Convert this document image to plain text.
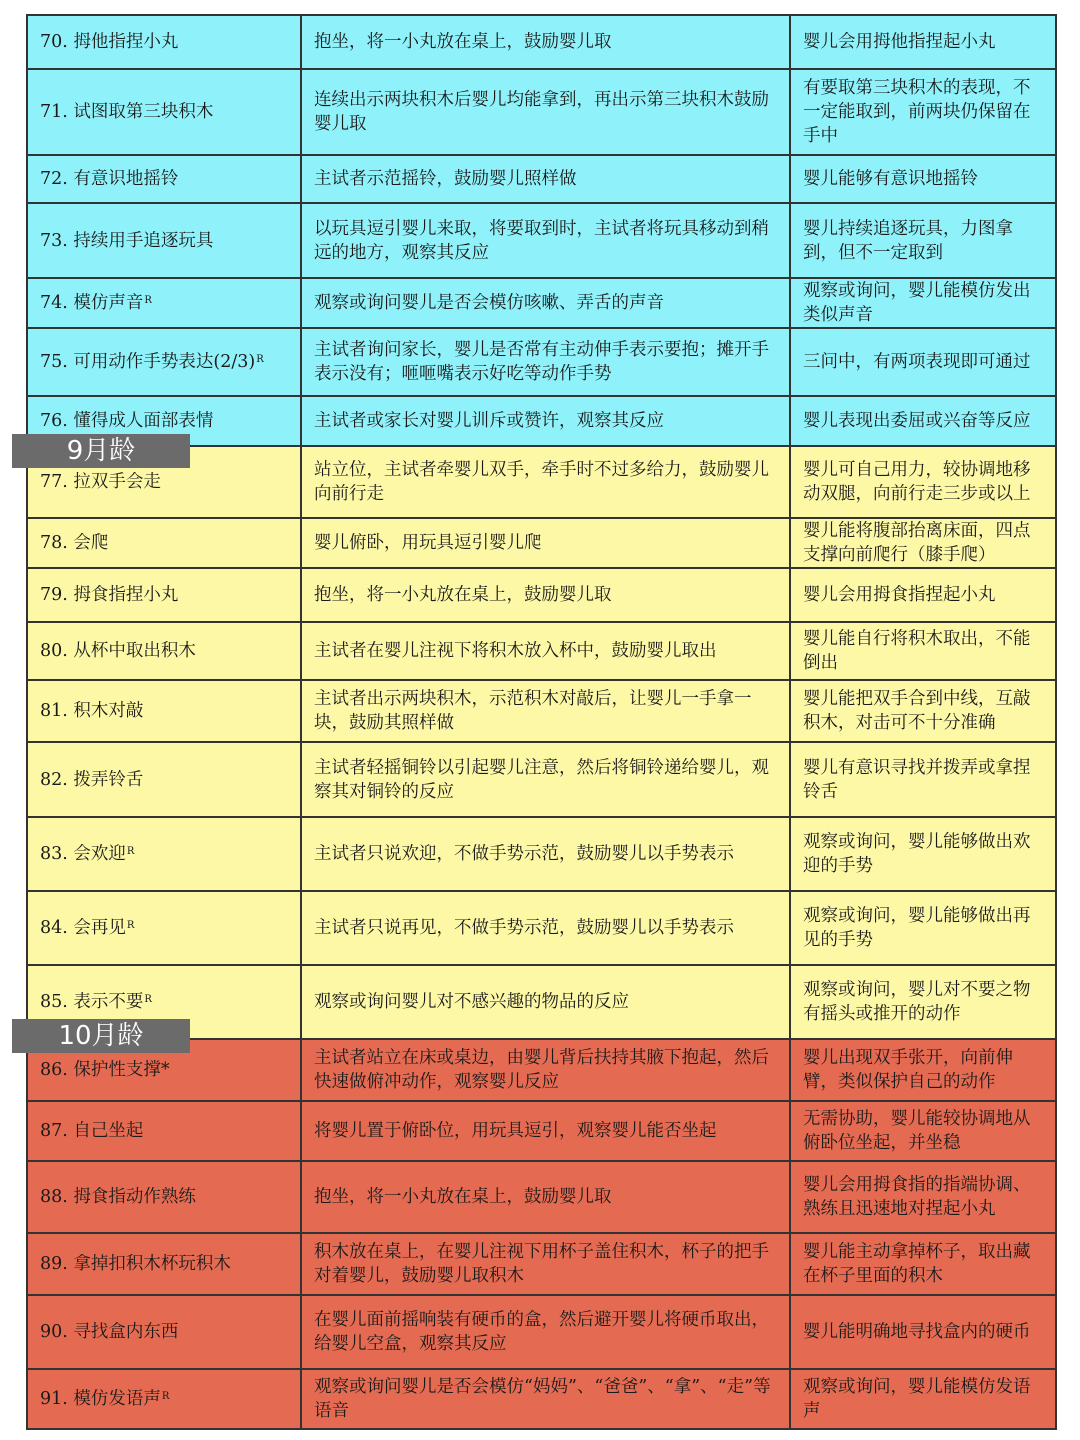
70. 拇他指捏小丸	抱坐，将一小丸放在桌上，鼓励婴儿取	婴儿会用拇他指捏起小丸
71. 试图取第三块积木	连续出示两块积木后婴儿均能拿到，再出示第三块积木鼓励婴儿取	有要取第三块积木的表现，不一定能取到，前两块仍保留在手中
72. 有意识地摇铃	主试者示范摇铃，鼓励婴儿照样做	婴儿能够有意识地摇铃
73. 持续用手追逐玩具	以玩具逗引婴儿来取，将要取到时，主试者将玩具移动到稍远的地方，观察其反应	婴儿持续追逐玩具，力图拿到，但不一定取到
74. 模仿声音$^R$	观察或询问婴儿是否会模仿咳嗽、弄舌的声音	观察或询问，婴儿能模仿发出类似声音
75. 可用动作手势表达$(2/3)^R$	主试者询问家长，婴儿是否常有主动伸手表示要抱；摊开手表示没有；咂咂嘴表示好吃等动作手势	三问中，有两项表现即可通过
76. 懂得成人面部表情	主试者或家长对婴儿训斥或赞许，观察其反应	婴儿表现出委屈或兴奋等反应
77. 拉双手会走	站立位，主试者牵婴儿双手，牵手时不过多给力，鼓励婴儿向前行走	婴儿可自己用力，较协调地移动双腿，向前行走三步或以上
78. 会爬	婴儿俯卧，用玩具逗引婴儿爬	婴儿能将腹部抬离床面，四点支撑向前爬行（膝手爬）
79. 拇食指捏小丸	抱坐，将一小丸放在桌上，鼓励婴儿取	婴儿会用拇食指捏起小丸
80. 从杯中取出积木	主试者在婴儿注视下将积木放入杯中，鼓励婴儿取出	婴儿能自行将积木取出，不能倒出
81. 积木对敲	主试者出示两块积木，示范积木对敲后，让婴儿一手拿一块，鼓励其照样做	婴儿能把双手合到中线，互敲积木，对击可不十分准确
82. 拨弄铃舌	主试者轻摇铜铃以引起婴儿注意，然后将铜铃递给婴儿，观察其对铜铃的反应	婴儿有意识寻找并拨弄或拿捏铃舌
83. 会欢迎$^R$	主试者只说欢迎，不做手势示范，鼓励婴儿以手势表示	观察或询问，婴儿能够做出欢迎的手势
84. 会再见$^R$	主试者只说再见，不做手势示范，鼓励婴儿以手势表示	观察或询问，婴儿能够做出再见的手势
85. 表示不要$^R$	观察或询问婴儿对不感兴趣的物品的反应	观察或询问，婴儿对不要之物有摇头或推开的动作
86. 保护性支撑*	主试者站立在床或桌边，由婴儿背后扶持其腋下抱起，然后快速做俯冲动作，观察婴儿反应	婴儿出现双手张开，向前伸臂，类似保护自己的动作
87. 自己坐起	将婴儿置于俯卧位，用玩具逗引，观察婴儿能否坐起	无需协助，婴儿能较协调地从俯卧位坐起，并坐稳
88. 拇食指动作熟练	抱坐，将一小丸放在桌上，鼓励婴儿取	婴儿会用拇食指的指端协调、熟练且迅速地对捏起小丸
89. 拿掉扣积木杯玩积木	积木放在桌上，在婴儿注视下用杯子盖住积木，杯子的把手对着婴儿，鼓励婴儿取积木	婴儿能主动拿掉杯子，取出藏在杯子里面的积木
90. 寻找盒内东西	在婴儿面前摇响装有硬币的盒，然后避开婴儿将硬币取出，给婴儿空盒，观察其反应	婴儿能明确地寻找盒内的硬币
91. 模仿发语声$^R$	观察或询问婴儿是否会模仿“妈妈”、“爸爸”、“拿”、“走”等语音	观察或询问，婴儿能模仿发语声
9月龄
10月龄
